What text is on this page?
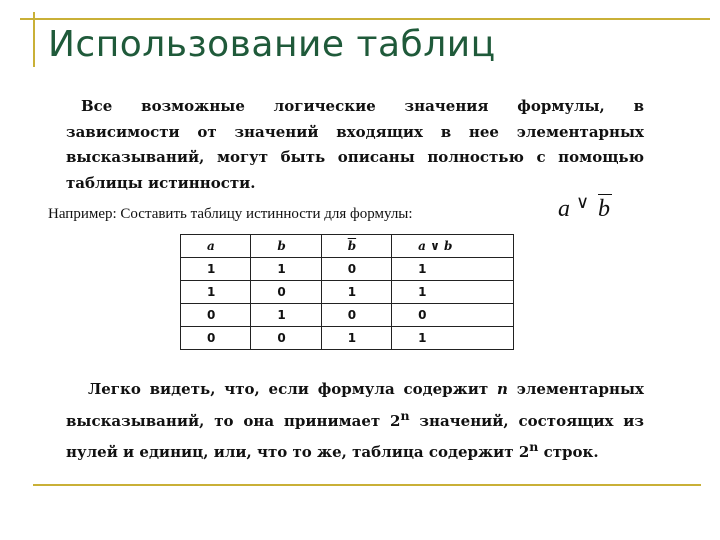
Использование таблиц

Все возможные логические значения формулы, в зависимости от значений входящих в нее элементарных высказываний, могут быть описаны полностью с помощью таблицы истинности.

Например: Составить таблицу истинности для формулы:	a ∨ b
a	b	$\overline{b}$	a ∨ b
1	1	0	1
1	0	1	1
0	1	0	0
0	0	1	1

Легко видеть, что, если формула содержит n элементарных высказываний, то она принимает 2$^n$ значений, состоящих из нулей и единиц, или, что то же, таблица содержит 2$^n$ строк.
